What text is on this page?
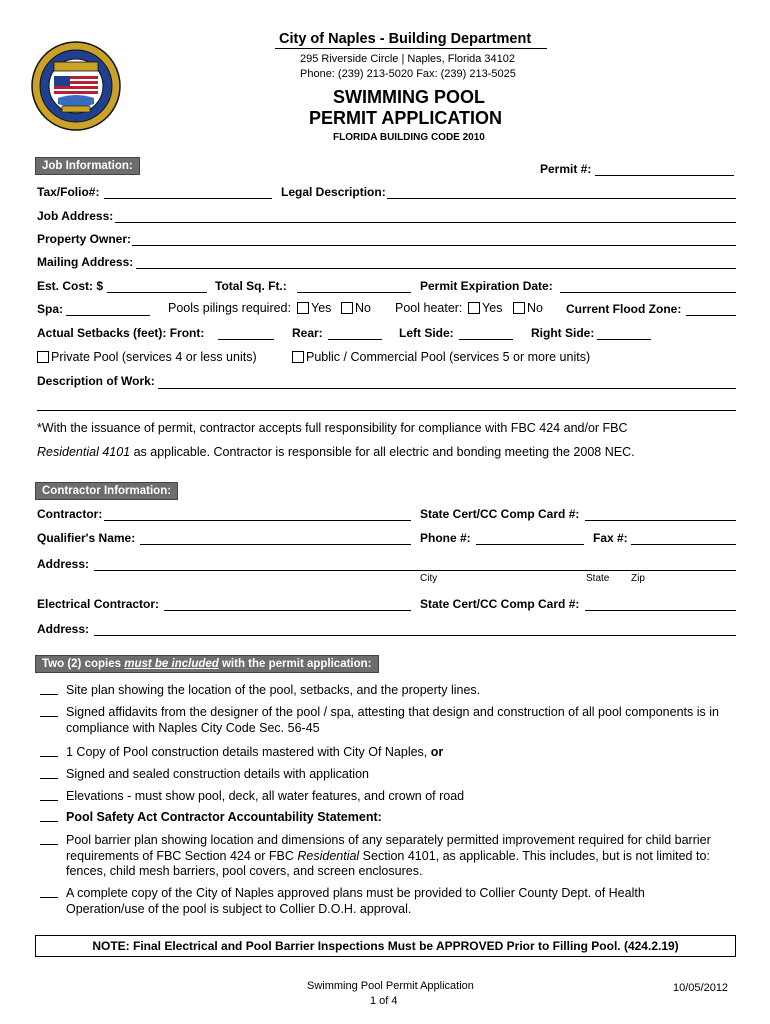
City of Naples - Building Department
295 Riverside Circle | Naples, Florida 34102
Phone: (239) 213-5020 Fax: (239) 213-5025
SWIMMING POOL
PERMIT APPLICATION
FLORIDA BUILDING CODE 2010
Job Information:	Permit #:
Tax/Folio#:	Legal Description:
Job Address:
Property Owner:
Mailing Address:
Est. Cost: $	Total Sq. Ft.:	Permit Expiration Date:
Spa:	Pools pilings required:	Yes	No Pool heater:	Yes	No Current Flood Zone:
Actual Setbacks (feet): Front:	Rear:	Left Side:	Right Side:
Private Pool (services 4 or less units)	Public / Commercial Pool (services 5 or more units)
Description of Work:
*With the issuance of permit, contractor accepts full responsibility for compliance with FBC 424 and/or FBC
Residential 4101 as applicable. Contractor is responsible for all electric and bonding meeting the 2008 NEC.
Contractor Information:
Contractor:	State Cert/CC Comp Card #:
Qualifier's Name:	Phone #:	Fax #:
Address:
City	State Zip
Electrical Contractor:	State Cert/CC Comp Card #:
Address:
Two (2) copies must be included with the permit application:
Site plan showing the location of the pool, setbacks, and the property lines.
Signed affidavits from the designer of the pool / spa, attesting that design and construction of all pool components is in compliance with Naples City Code Sec. 56-45
1 Copy of Pool construction details mastered with City Of Naples, or
Signed and sealed construction details with application
Elevations - must show pool, deck, all water features, and crown of road
Pool Safety Act Contractor Accountability Statement:
Pool barrier plan showing location and dimensions of any separately permitted improvement required for child barrier requirements of FBC Section 424 or FBC Residential Section 4101, as applicable. This includes, but is not limited to: fences, child mesh barriers, pool covers, and screen enclosures.
A complete copy of the City of Naples approved plans must be provided to Collier County Dept. of Health Operation/use of the pool is subject to Collier D.O.H. approval.
NOTE: Final Electrical and Pool Barrier Inspections Must be APPROVED Prior to Filling Pool. (424.2.19)
Swimming Pool Permit Application
1 of 4
10/05/2012
